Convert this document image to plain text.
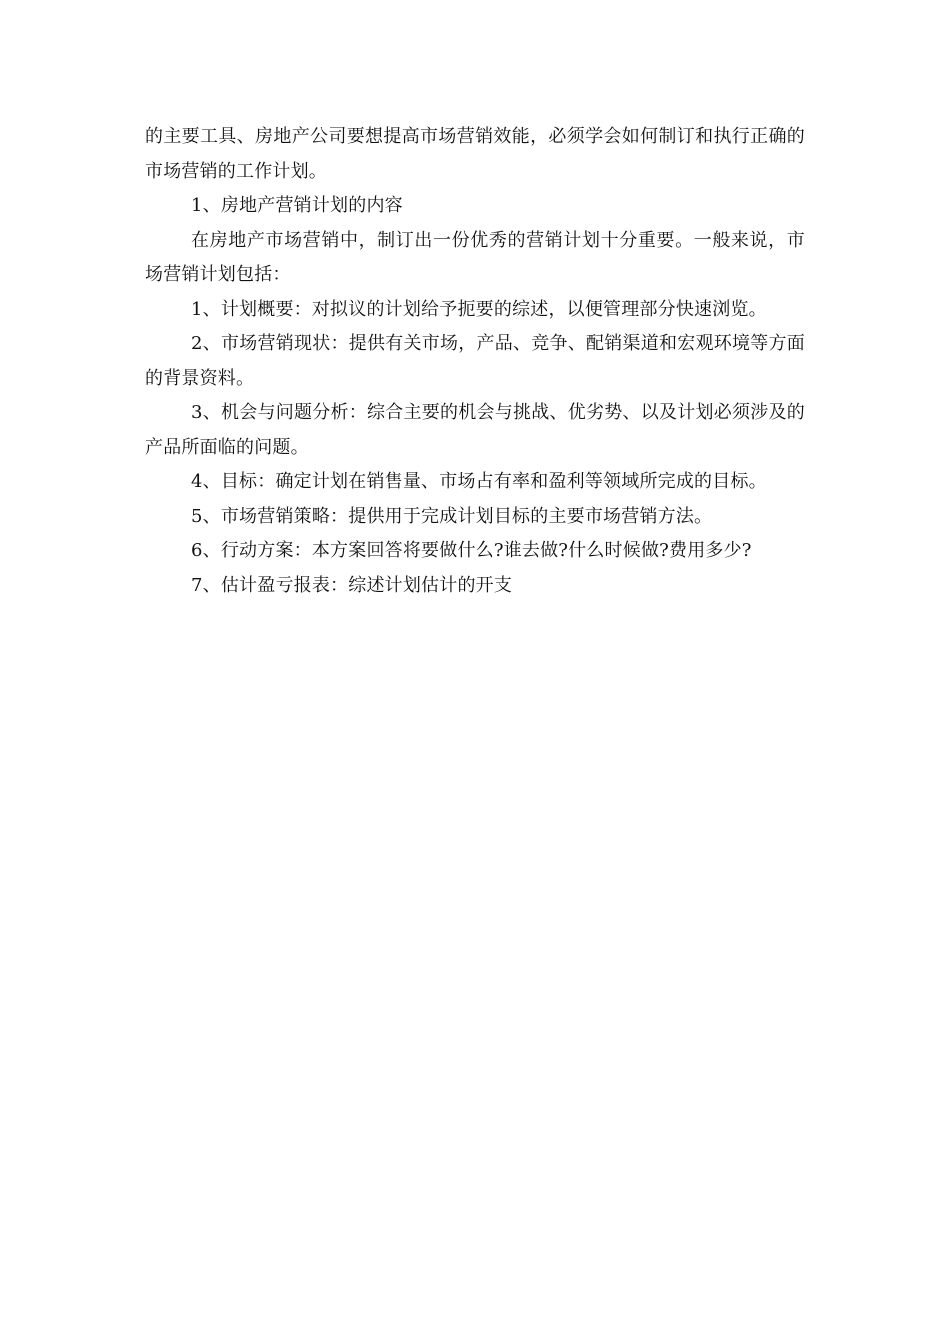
的主要工具、房地产公司要想提高市场营销效能，必须学会如何制订和执行正确的市场营销的工作计划。

1、房地产营销计划的内容

在房地产市场营销中，制订出一份优秀的营销计划十分重要。一般来说，市场营销计划包括：

1、计划概要：对拟议的计划给予扼要的综述，以便管理部分快速浏览。

2、市场营销现状：提供有关市场，产品、竞争、配销渠道和宏观环境等方面的背景资料。

3、机会与问题分析：综合主要的机会与挑战、优劣势、以及计划必须涉及的产品所面临的问题。

4、目标：确定计划在销售量、市场占有率和盈利等领域所完成的目标。

5、市场营销策略：提供用于完成计划目标的主要市场营销方法。

6、行动方案：本方案回答将要做什么?谁去做?什么时候做?费用多少?

7、估计盈亏报表：综述计划估计的开支
